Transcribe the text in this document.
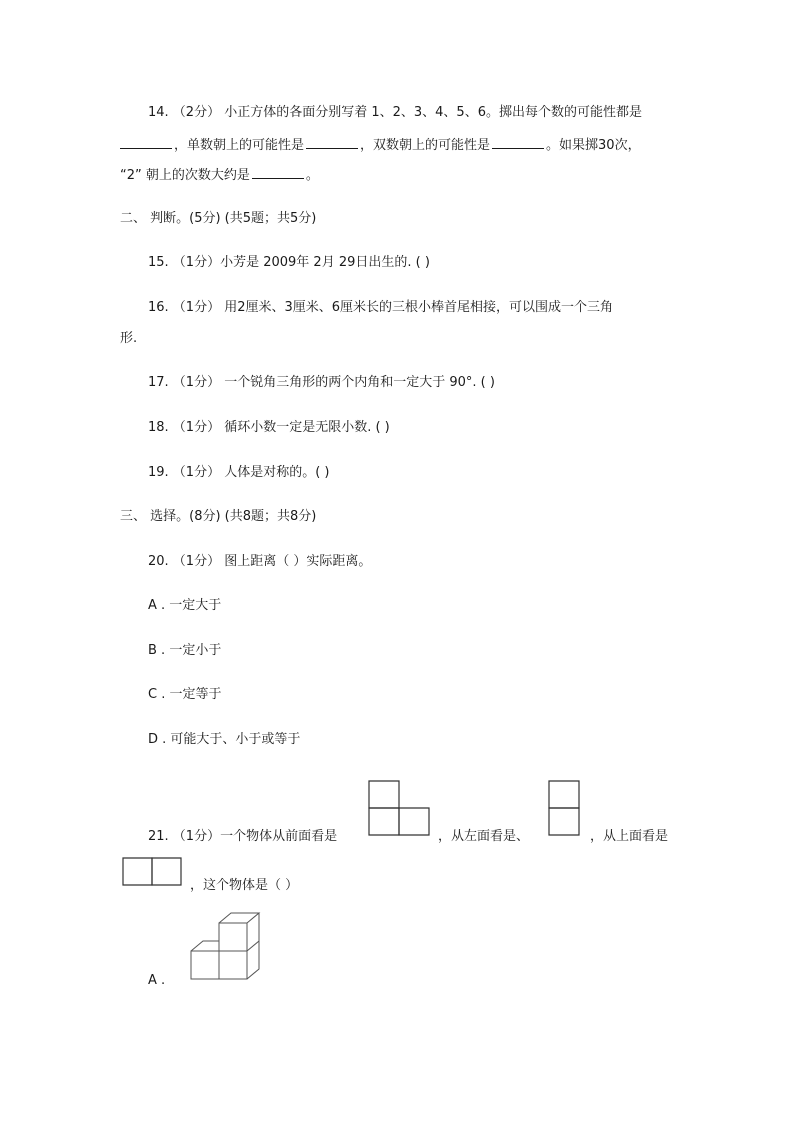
14. （2分） 小正方体的各面分别写着 1、2、3、4、5、6。掷出每个数的可能性都是
，单数朝上的可能性是	，双数朝上的可能性是	。如果掷30次，
“2” 朝上的次数大约是	。
二、 判断。(5分) (共5题；共5分)
15. （1分）小芳是 2009年 2月 29日出生的. ( )
16. （1分） 用2厘米、3厘米、6厘米长的三根小棒首尾相接，可以围成一个三角
形.
17. （1分） 一个锐角三角形的两个内角和一定大于 90°. ( )
18. （1分） 循环小数一定是无限小数. ( )
19. （1分） 人体是对称的。( )
三、 选择。(8分) (共8题；共8分)
20. （1分） 图上距离（ ）实际距离。
A . 一定大于
B . 一定小于
C . 一定等于
D . 可能大于、小于或等于
21. （1分）一个物体从前面看是	，从左面看是、	，从上面看是
，这个物体是（ ）
A .
